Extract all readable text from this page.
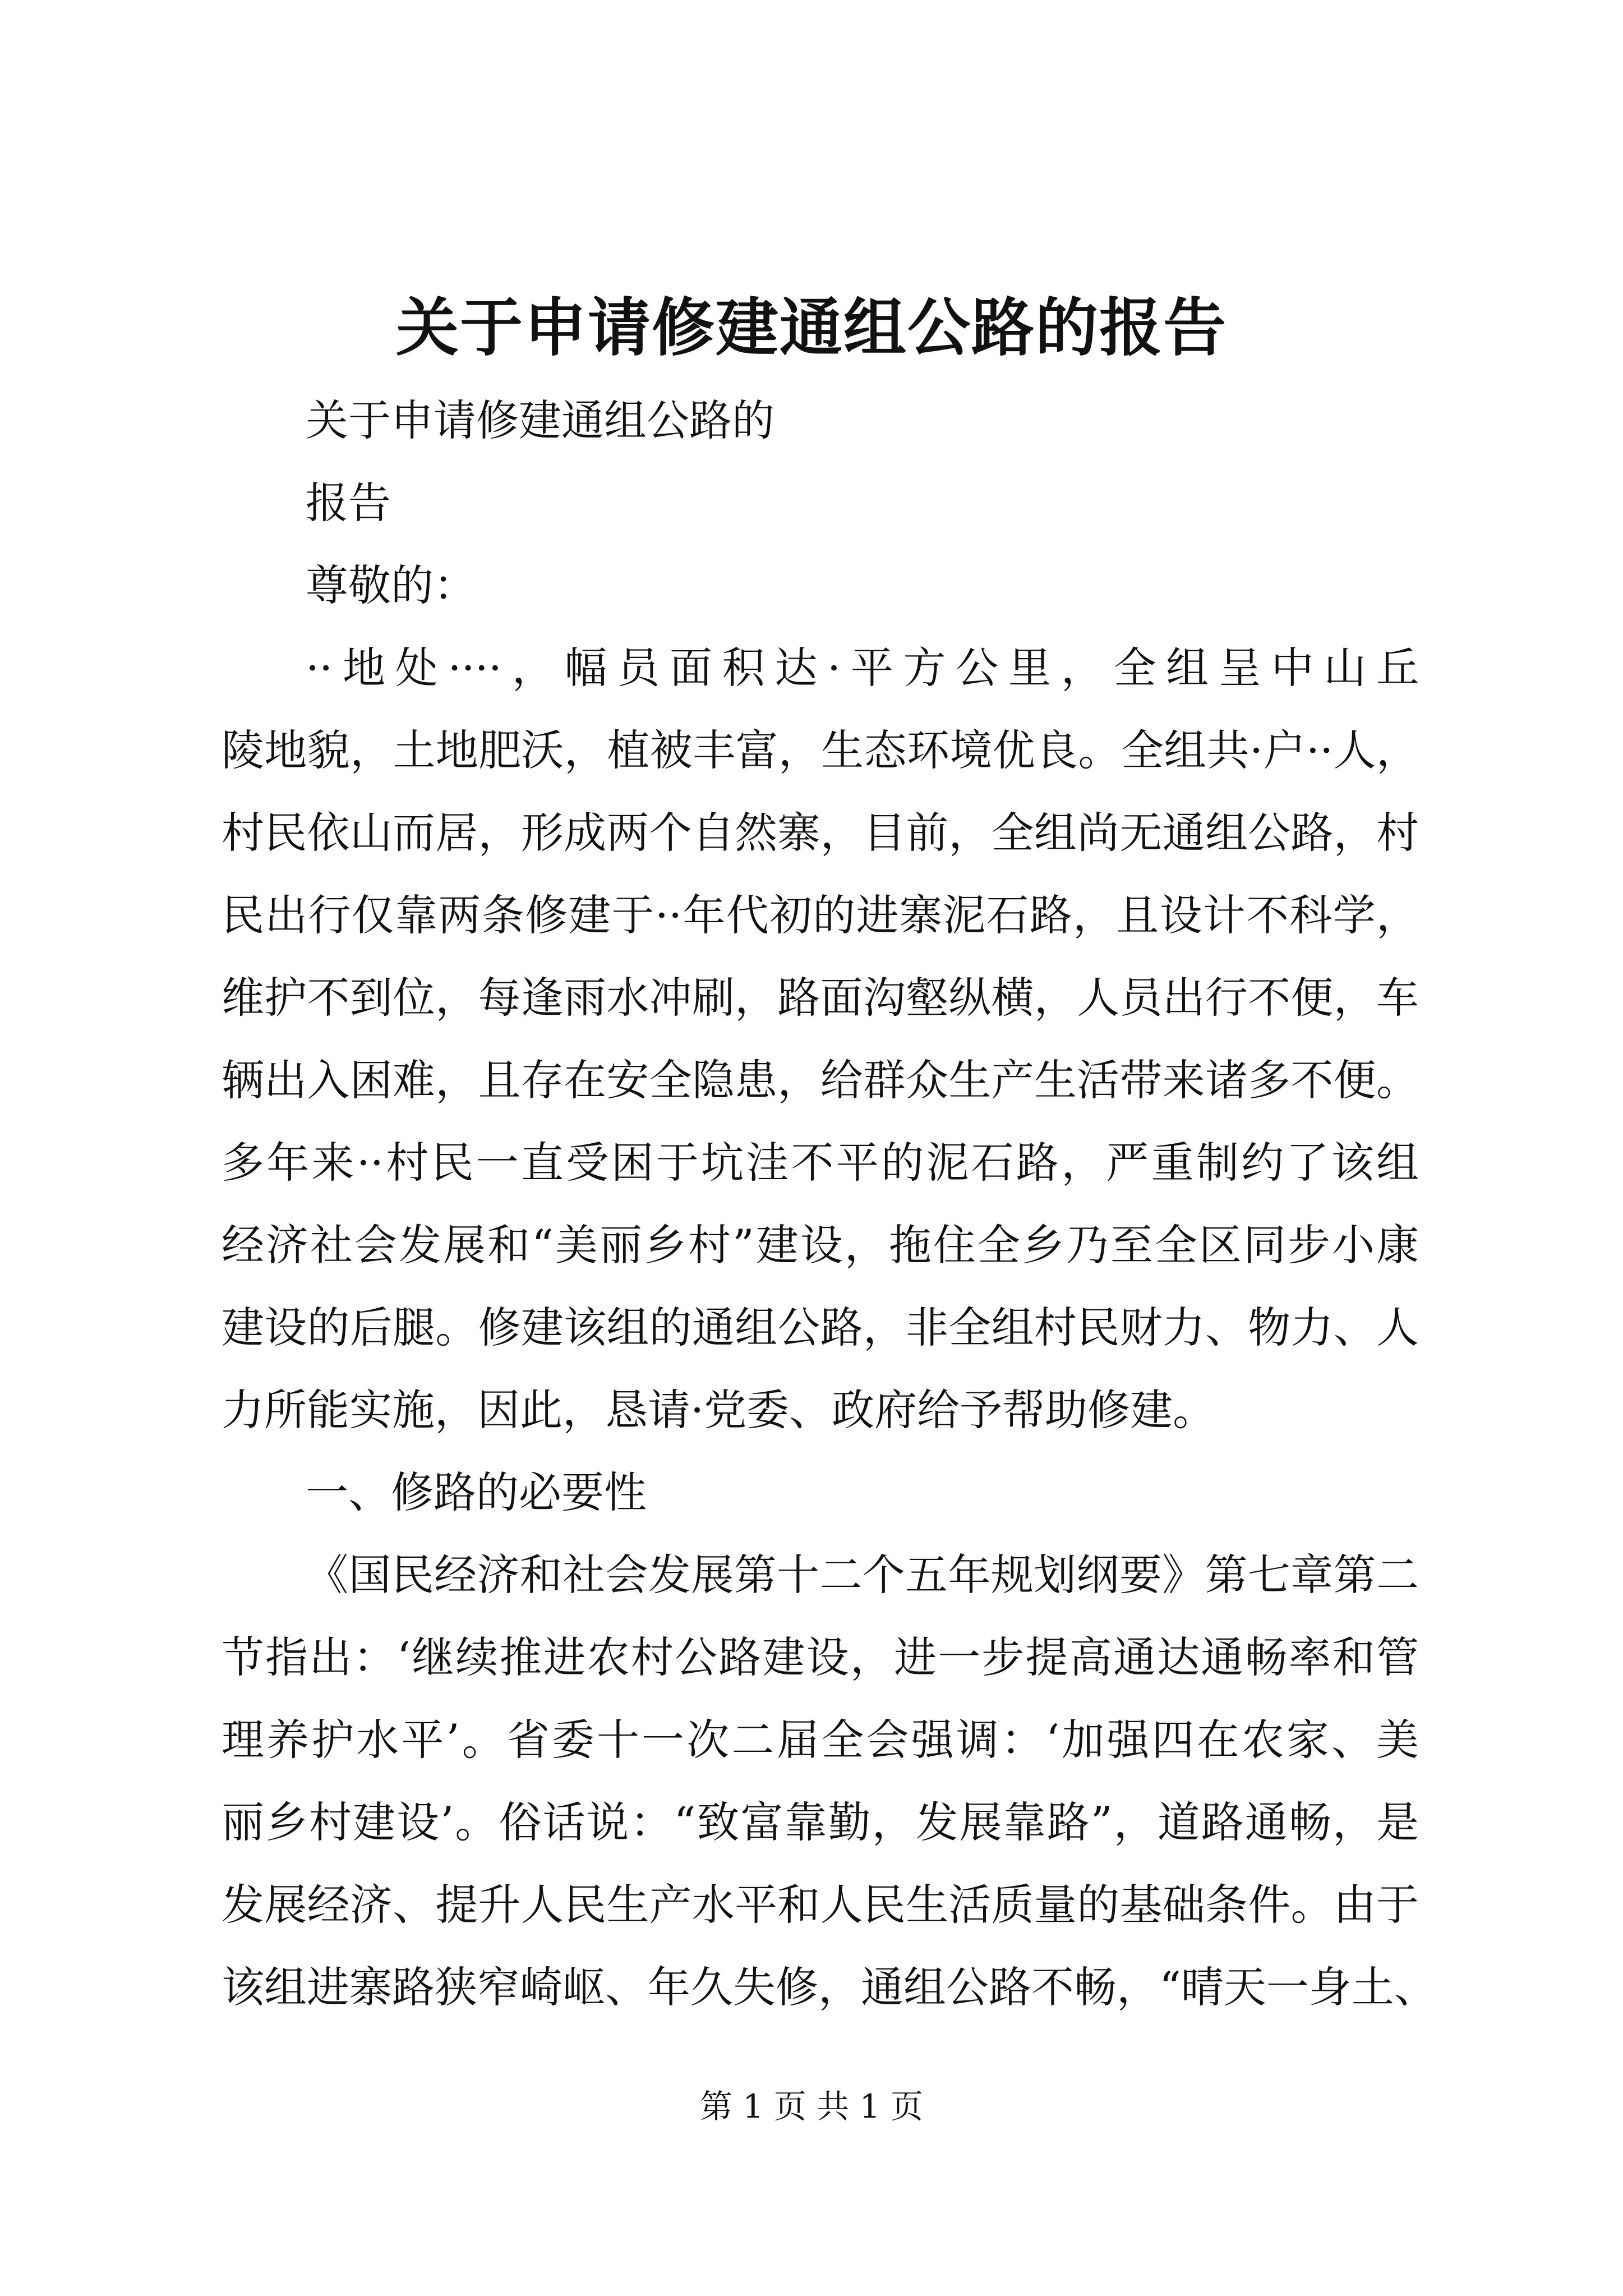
关于申请修建通组公路的报告
关于申请修建通组公路的
报告
尊敬的：
··地处····，幅员面积达·平方公里，全组呈中山丘
陵地貌，土地肥沃，植被丰富，生态环境优良。全组共·户··人，
村民依山而居，形成两个自然寨，目前，全组尚无通组公路，村
民出行仅靠两条修建于··年代初的进寨泥石路，且设计不科学，
维护不到位，每逢雨水冲刷，路面沟壑纵横，人员出行不便，车
辆出入困难，且存在安全隐患，给群众生产生活带来诸多不便。
多年来··村民一直受困于坑洼不平的泥石路，严重制约了该组
经济社会发展和“美丽乡村”建设，拖住全乡乃至全区同步小康
建设的后腿。修建该组的通组公路，非全组村民财力、物力、人
力所能实施，因此，恳请·党委、政府给予帮助修建。
一、修路的必要性
《国民经济和社会发展第十二个五年规划纲要》第七章第二
节指出：‘继续推进农村公路建设，进一步提高通达通畅率和管
理养护水平’。省委十一次二届全会强调：‘加强四在农家、美
丽乡村建设’。俗话说：“致富靠勤，发展靠路”，道路通畅，是
发展经济、提升人民生产水平和人民生活质量的基础条件。由于
该组进寨路狭窄崎岖、年久失修，通组公路不畅，“晴天一身土、
第 1 页 共 1 页
